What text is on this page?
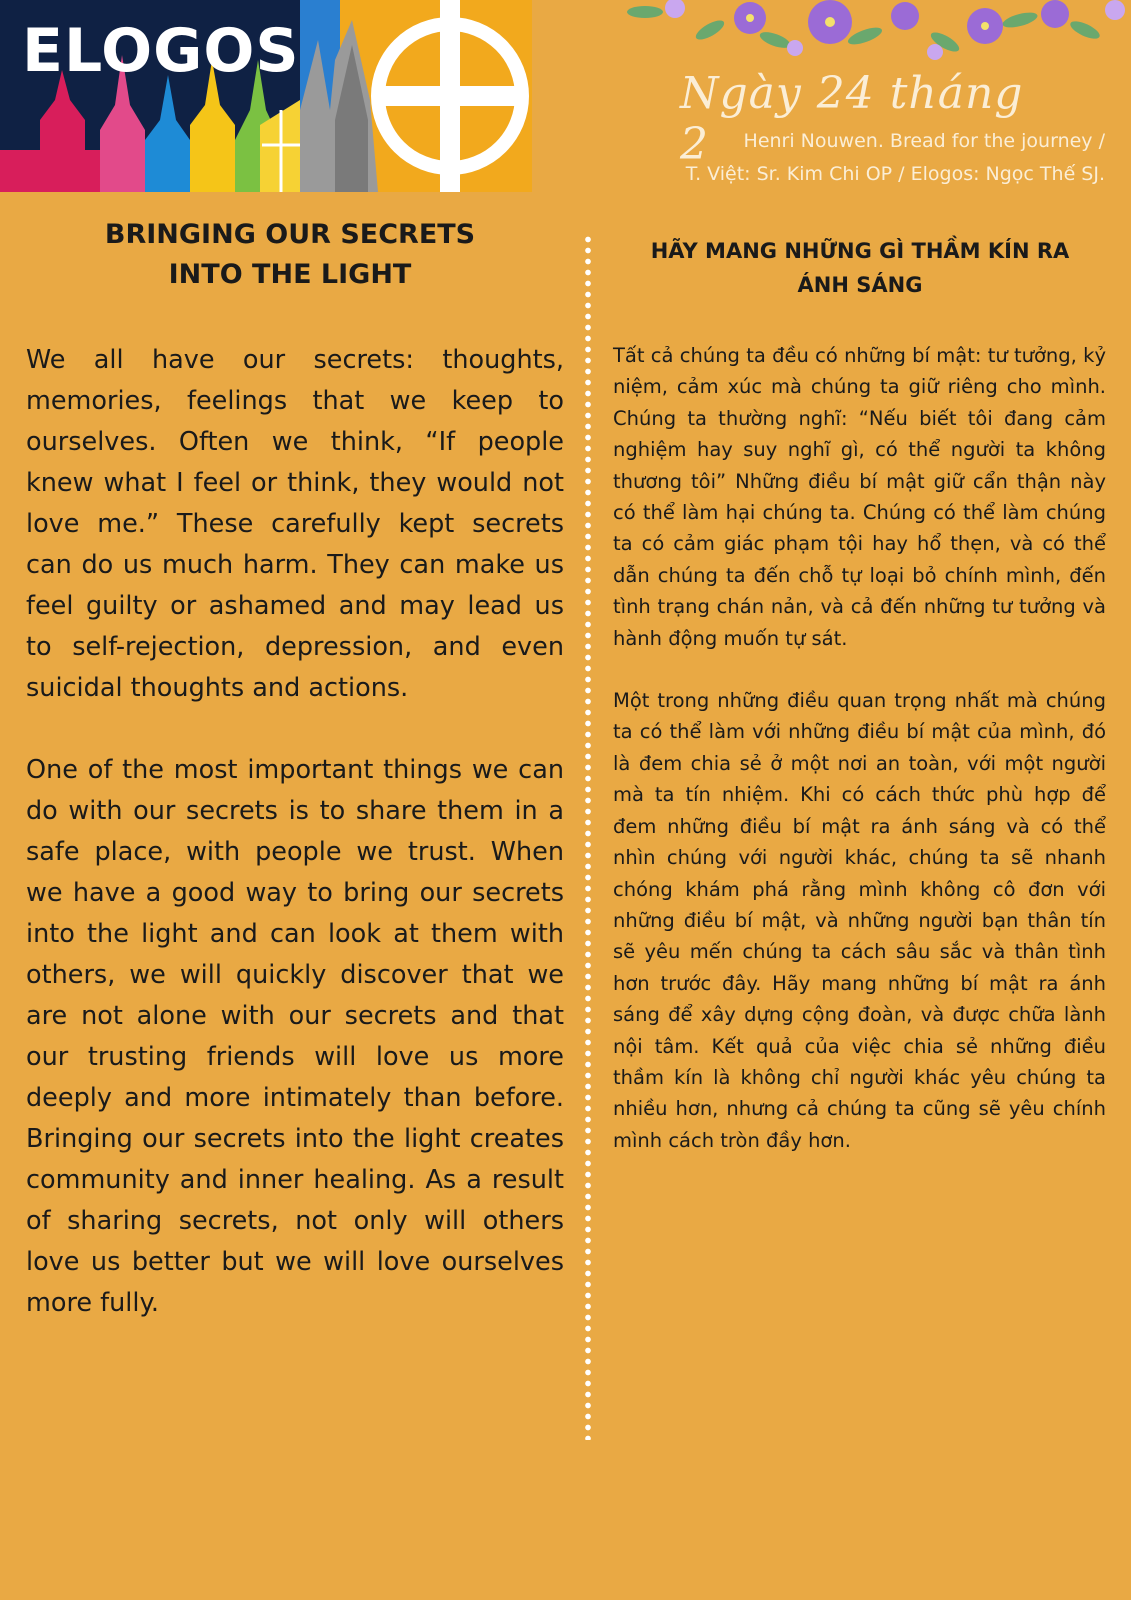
ELOGOS
Ngày 24 tháng 2	Henri Nouwen. Bread for the journey /
T. Việt: Sr. Kim Chi OP / Elogos: Ngọc Thế SJ.
BRINGING OUR SECRETS
INTO THE LIGHT
HÃY MANG NHỮNG GÌ THẦM KÍN RA
ÁNH SÁNG

We all have our secrets: thoughts, memories, feelings that we keep to ourselves. Often we think, “If people knew what I feel or think, they would not love me.” These carefully kept secrets can do us much harm. They can make us feel guilty or ashamed and may lead us to self-rejection, depression, and even suicidal thoughts and actions.

One of the most important things we can do with our secrets is to share them in a safe place, with people we trust. When we have a good way to bring our secrets into the light and can look at them with others, we will quickly discover that we are not alone with our secrets and that our trusting friends will love us more deeply and more intimately than before. Bringing our secrets into the light creates community and inner healing. As a result of sharing secrets, not only will others love us better but we will love ourselves more fully.

Tất cả chúng ta đều có những bí mật: tư tưởng, kỷ niệm, cảm xúc mà chúng ta giữ riêng cho mình. Chúng ta thường nghĩ: “Nếu biết tôi đang cảm nghiệm hay suy nghĩ gì, có thể người ta không thương tôi” Những điều bí mật giữ cẩn thận này có thể làm hại chúng ta. Chúng có thể làm chúng ta có cảm giác phạm tội hay hổ thẹn, và có thể dẫn chúng ta đến chỗ tự loại bỏ chính mình, đến tình trạng chán nản, và cả đến những tư tưởng và hành động muốn tự sát.

Một trong những điều quan trọng nhất mà chúng ta có thể làm với những điều bí mật của mình, đó là đem chia sẻ ở một nơi an toàn, với một người mà ta tín nhiệm. Khi có cách thức phù hợp để đem những điều bí mật ra ánh sáng và có thể nhìn chúng với người khác, chúng ta sẽ nhanh chóng khám phá rằng mình không cô đơn với những điều bí mật, và những người bạn thân tín sẽ yêu mến chúng ta cách sâu sắc và thân tình hơn trước đây. Hãy mang những bí mật ra ánh sáng để xây dựng cộng đoàn, và được chữa lành nội tâm. Kết quả của việc chia sẻ những điều thầm kín là không chỉ người khác yêu chúng ta nhiều hơn, nhưng cả chúng ta cũng sẽ yêu chính mình cách tròn đầy hơn.
